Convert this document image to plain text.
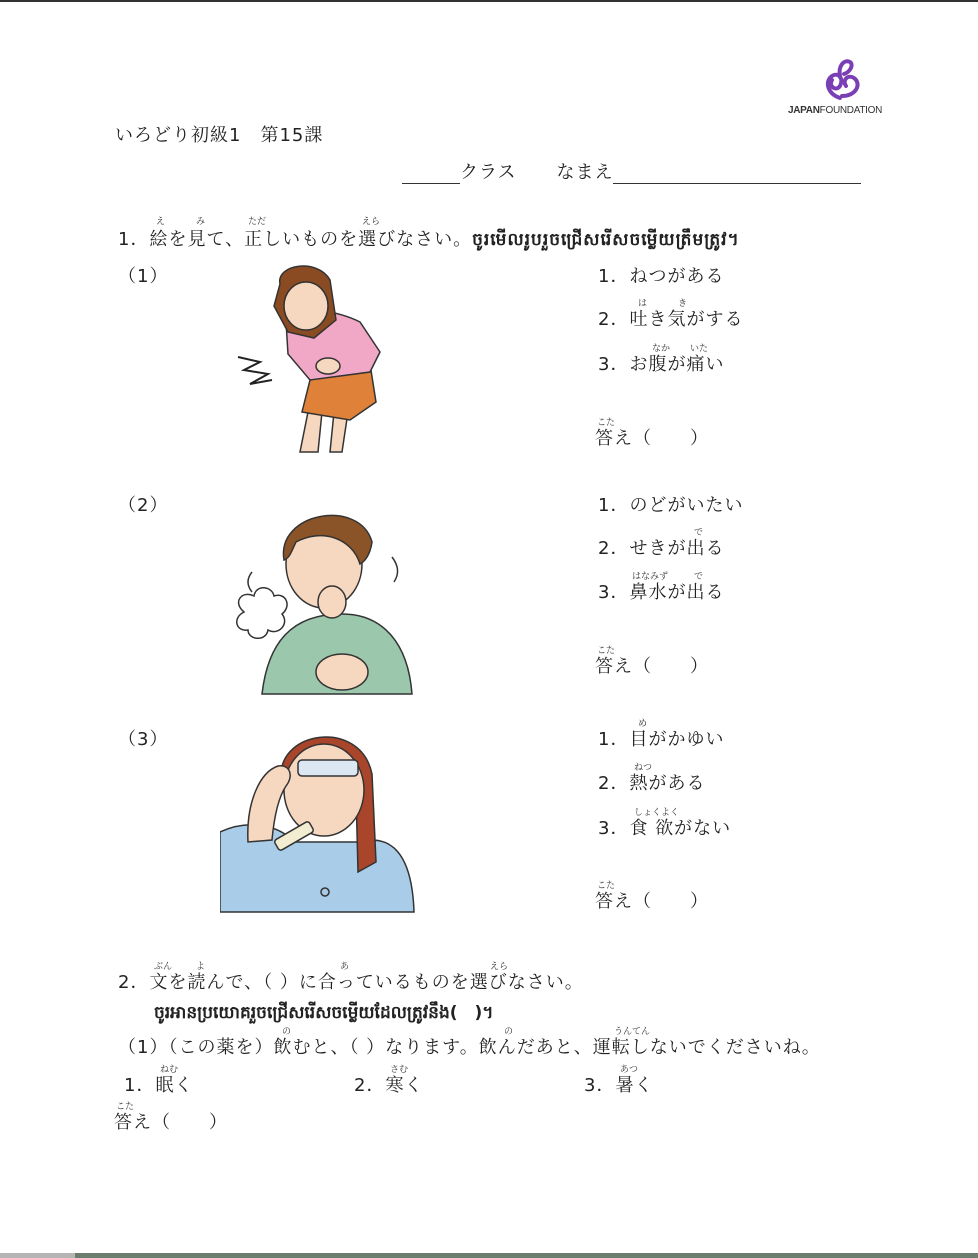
JAPANFOUNDATION
いろどり初級1　第15課
クラス なまえ
え	み	ただ	えら
1．絵を見て、正しいものを選びなさい。ចូរមើលរូបរួចជ្រើសរើសចម្លើយត្រឹមត្រូវ។
（1）	1．ねつがある
は	き
2．吐き気がする
なか いた
3．お腹が痛い
こた
答え（　　）
（2）	1．のどがいたい
で
2．せきが出る
はなみず	で
3．鼻水が出る
こた
答え（　　）
（3）
め
1．目がかゆい
ねつ
2．熱がある
しょくよく
3．食 欲がない
こた
答え（　　）
ぶん	よ	あ	えら
2．文を読んで、（ ）に合っているものを選びなさい。
ចូរអានប្រយោគរួចជ្រើសរើសចម្លើយដែលត្រូវនឹង(　)។
の	の	うんてん
（1）（この薬を）飲むと、（ ）なります。飲んだあと、運転しないでくださいね。
ねむ
1．眠く
さむ
2．寒く
あつ
3．暑く
こた
答え（　　）
